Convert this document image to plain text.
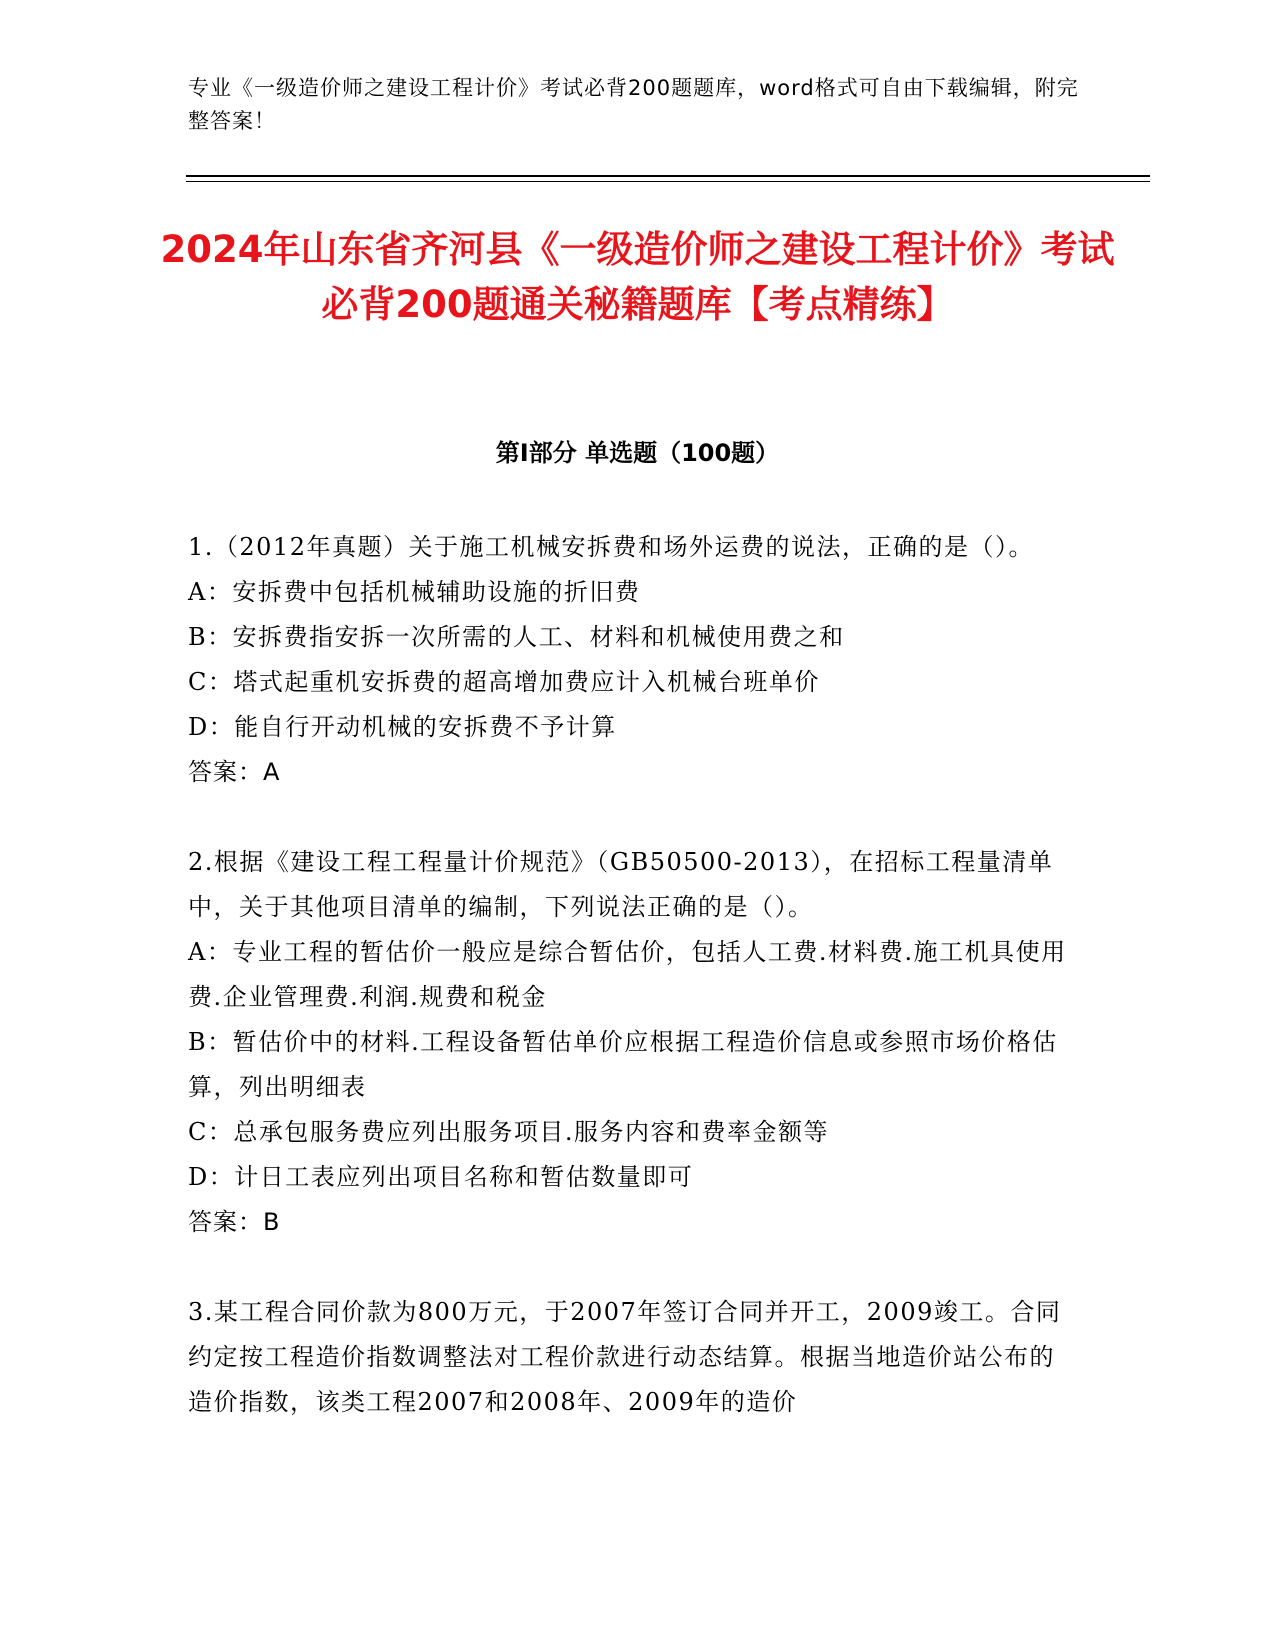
专业《一级造价师之建设工程计价》考试必背200题题库，word格式可自由下载编辑，附完整答案！
2024年山东省齐河县《一级造价师之建设工程计价》考试必背200题通关秘籍题库【考点精练】
第Ⅰ部分 单选题（100题）

1.（2012年真题）关于施工机械安拆费和场外运费的说法，正确的是（）。

A：安拆费中包括机械辅助设施的折旧费

B：安拆费指安拆一次所需的人工、材料和机械使用费之和

C：塔式起重机安拆费的超高增加费应计入机械台班单价

D：能自行开动机械的安拆费不予计算

答案：A

2.根据《建设工程工程量计价规范》（GB50500-2013），在招标工程量清单中，关于其他项目清单的编制，下列说法正确的是（）。

A：专业工程的暂估价一般应是综合暂估价，包括人工费.材料费.施工机具使用费.企业管理费.利润.规费和税金

B：暂估价中的材料.工程设备暂估单价应根据工程造价信息或参照市场价格估算，列出明细表

C：总承包服务费应列出服务项目.服务内容和费率金额等

D：计日工表应列出项目名称和暂估数量即可

答案：B

3.某工程合同价款为800万元，于2007年签订合同并开工，2009竣工。合同约定按工程造价指数调整法对工程价款进行动态结算。根据当地造价站公布的造价指数，该类工程2007和2008年、2009年的造价
